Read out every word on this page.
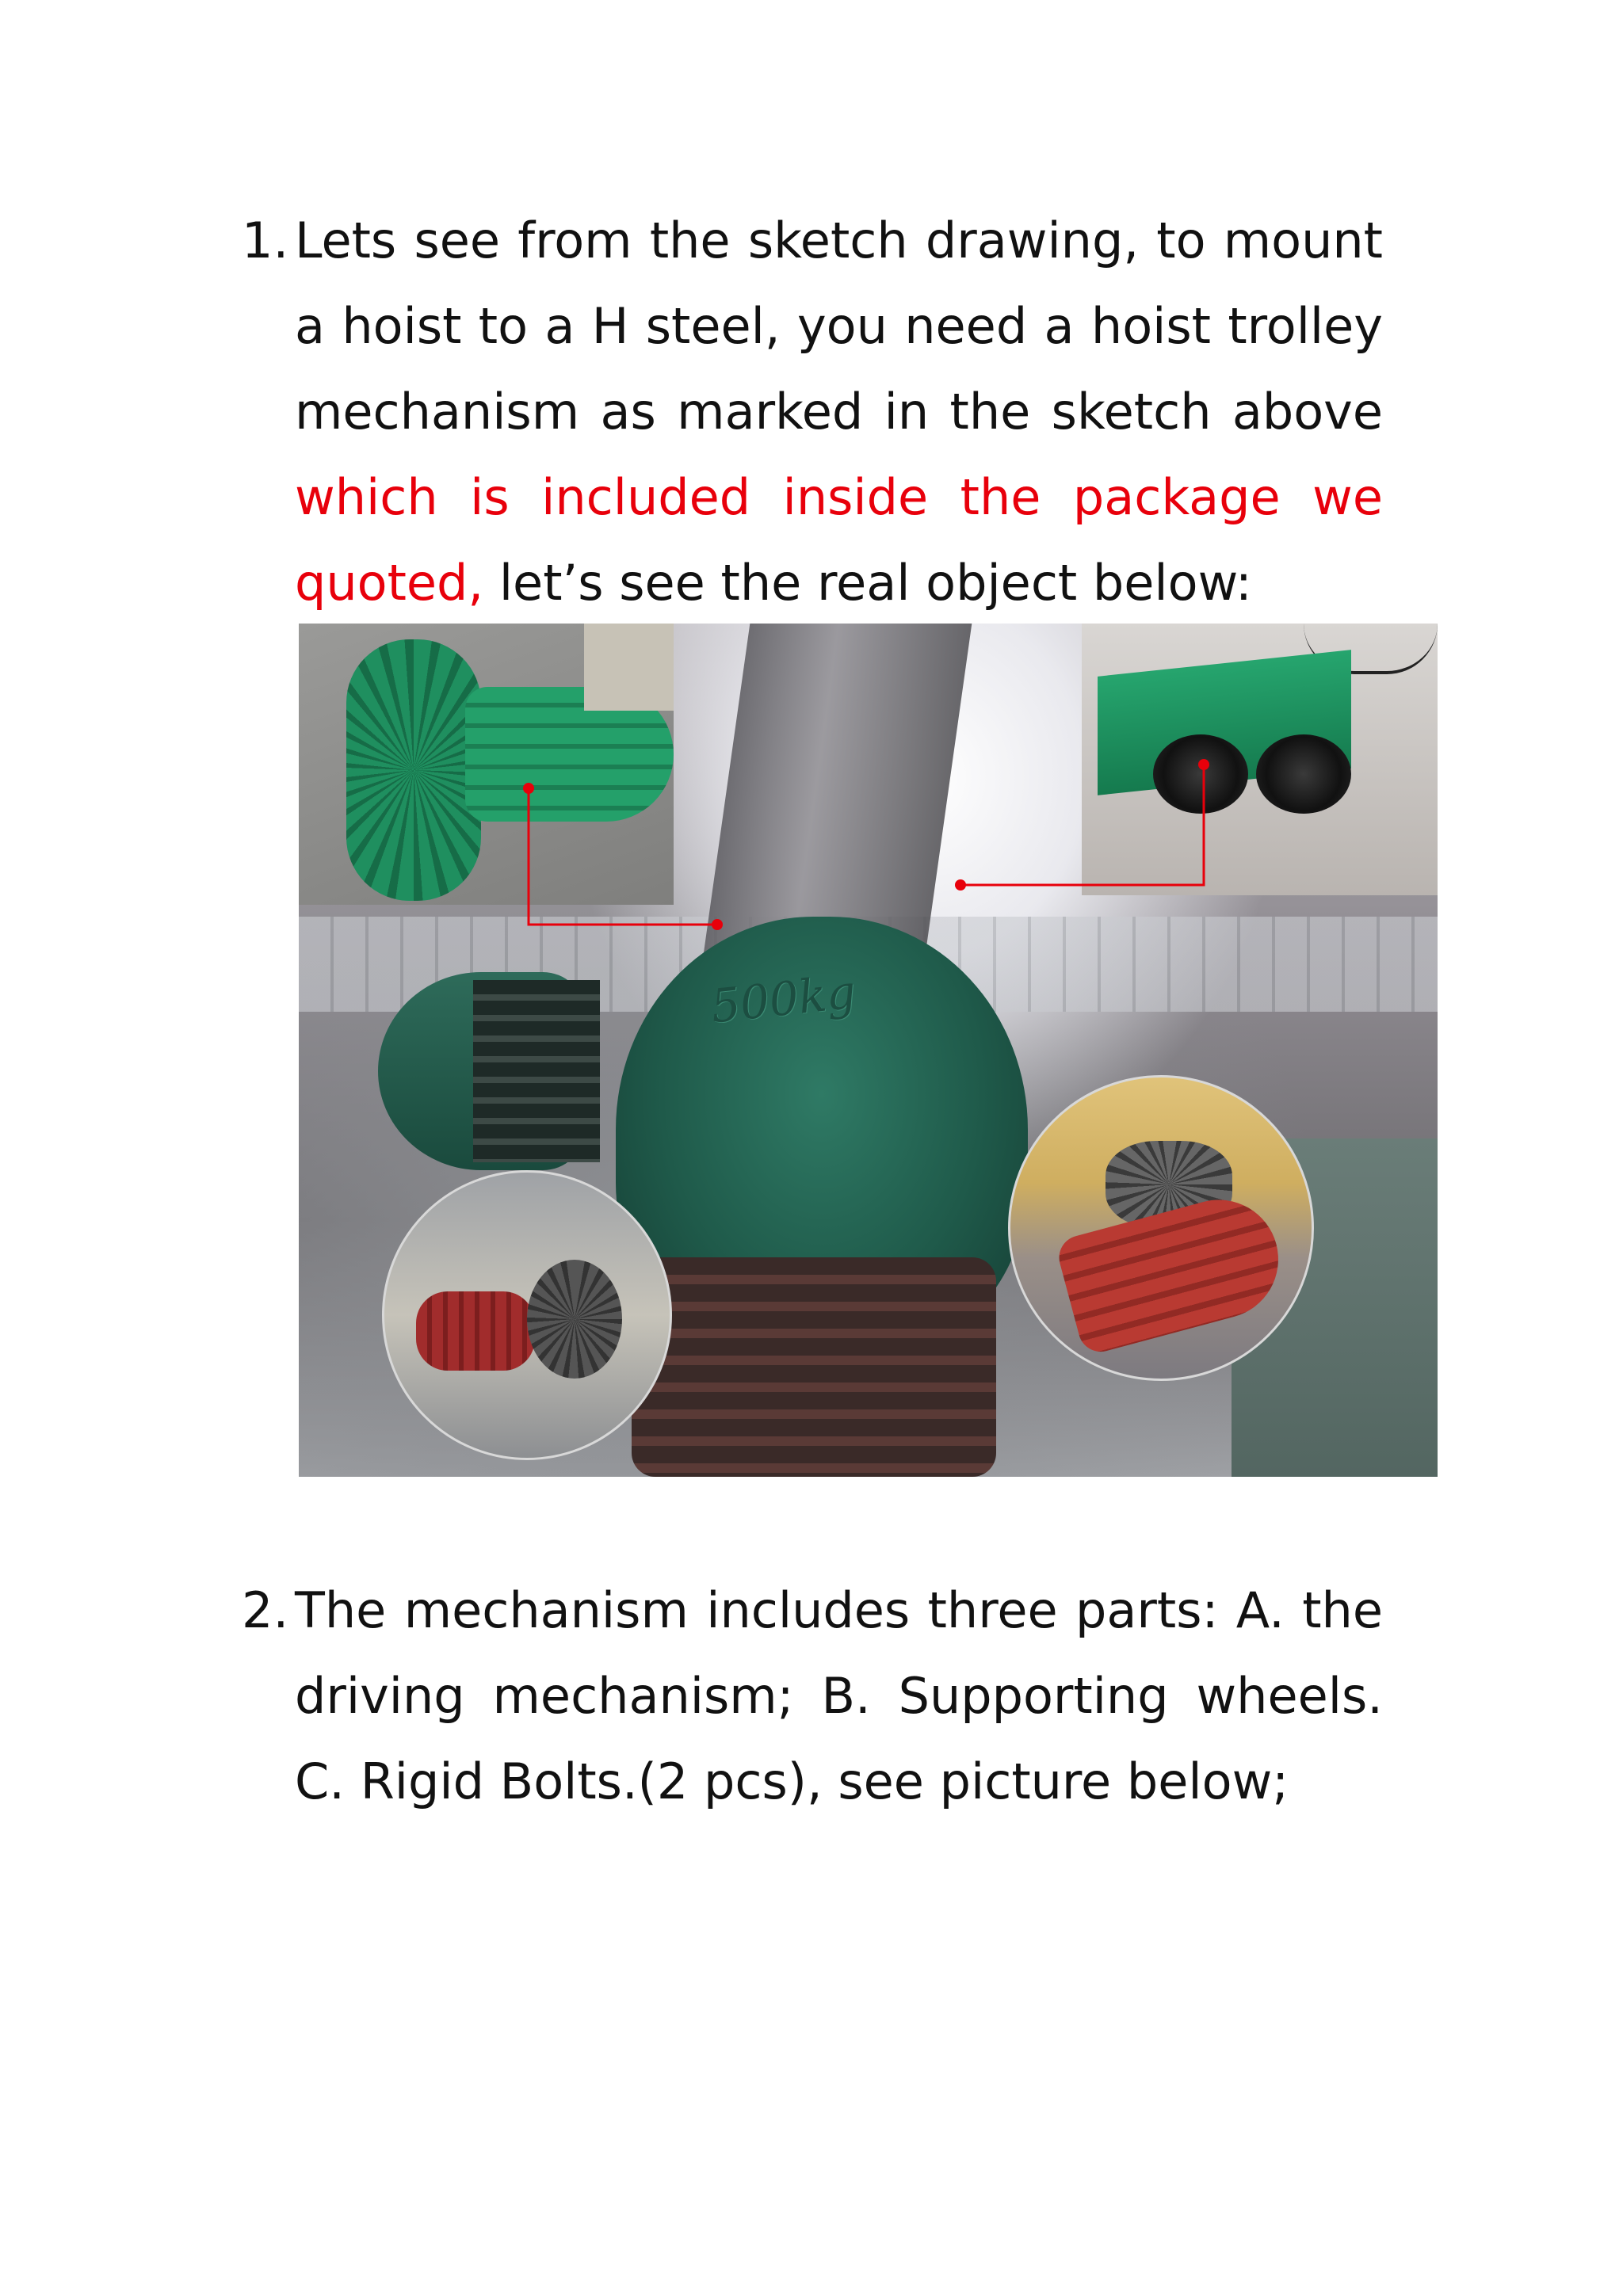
1. Lets see from the sketch drawing, to mount a hoist to a H steel, you need a hoist trolley mechanism as marked in the sketch above which is included inside the package we quoted, let’s see the real object below:
500kg
2. The mechanism includes three parts: A. the driving mechanism; B. Supporting wheels. C. Rigid Bolts.(2 pcs), see picture below;
